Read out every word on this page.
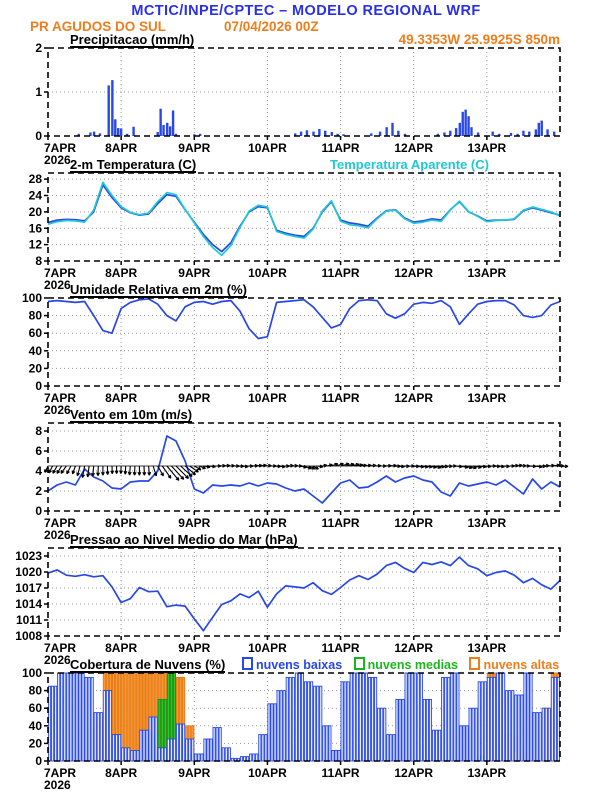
MCTIC/INPE/CPTEC – MODELO REGIONAL WRF
PR AGUDOS DO SUL	07/04/2026 00Z
Precipitacao (mm/h)	49.3353W 25.9925S 850m
0
1
2
7APR
2026
8APR	9APR	10APR	11APR	12APR	13APR
2-m Temperatura (C)	Temperatura Aparente (C)
8
12
16
20
24
28
7APR
2026
8APR	9APR	10APR	11APR	12APR	13APR
Umidade Relativa em 2m (%)
0
20
40
60
80
100
7APR
2026
8APR	9APR	10APR	11APR	12APR	13APR
Vento em 10m (m/s)
0
2
4
6
8
7APR
2026
8APR	9APR	10APR	11APR	12APR	13APR
Pressao ao Nivel Medio do Mar (hPa)
1008
1011
1014
1017
1020
1023
7APR
2026
8APR	9APR	10APR	11APR	12APR	13APR
Cobertura de Nuvens (%)	nuvens baixas nuvens medias nuvens altas
0
20
40
60
80
100
7APR
2026
8APR	9APR	10APR	11APR	12APR	13APR
